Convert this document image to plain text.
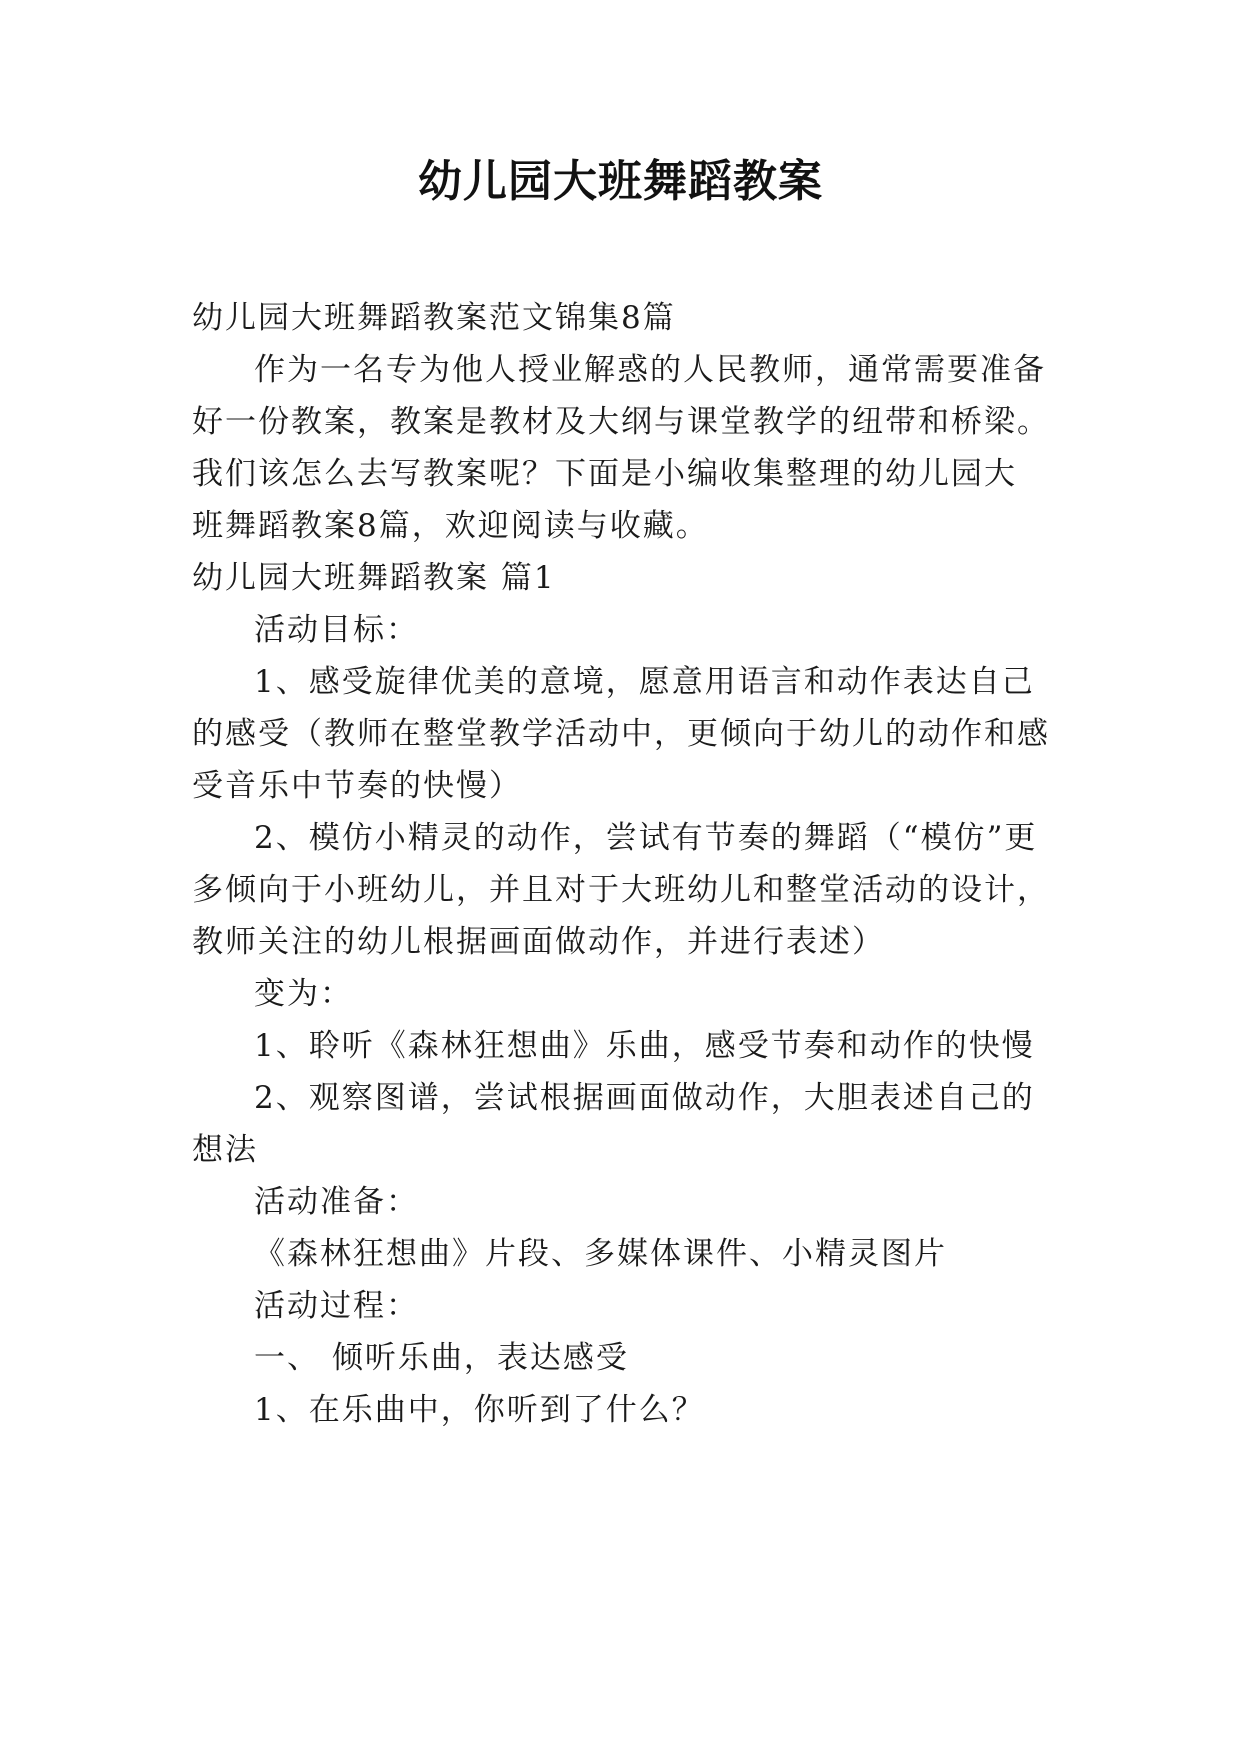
幼儿园大班舞蹈教案
幼儿园大班舞蹈教案范文锦集8篇
作为一名专为他人授业解惑的人民教师，通常需要准备
好一份教案，教案是教材及大纲与课堂教学的纽带和桥梁。
我们该怎么去写教案呢？下面是小编收集整理的幼儿园大
班舞蹈教案8篇，欢迎阅读与收藏。
幼儿园大班舞蹈教案 篇1
活动目标：
1、感受旋律优美的意境，愿意用语言和动作表达自己
的感受（教师在整堂教学活动中，更倾向于幼儿的动作和感
受音乐中节奏的快慢）
2、模仿小精灵的动作，尝试有节奏的舞蹈（“模仿”更
多倾向于小班幼儿，并且对于大班幼儿和整堂活动的设计，
教师关注的幼儿根据画面做动作，并进行表述）
变为：
1、聆听《森林狂想曲》乐曲，感受节奏和动作的快慢
2、观察图谱，尝试根据画面做动作，大胆表述自己的
想法
活动准备：
《森林狂想曲》片段、多媒体课件、小精灵图片
活动过程：
一、 倾听乐曲，表达感受
1、在乐曲中，你听到了什么？
